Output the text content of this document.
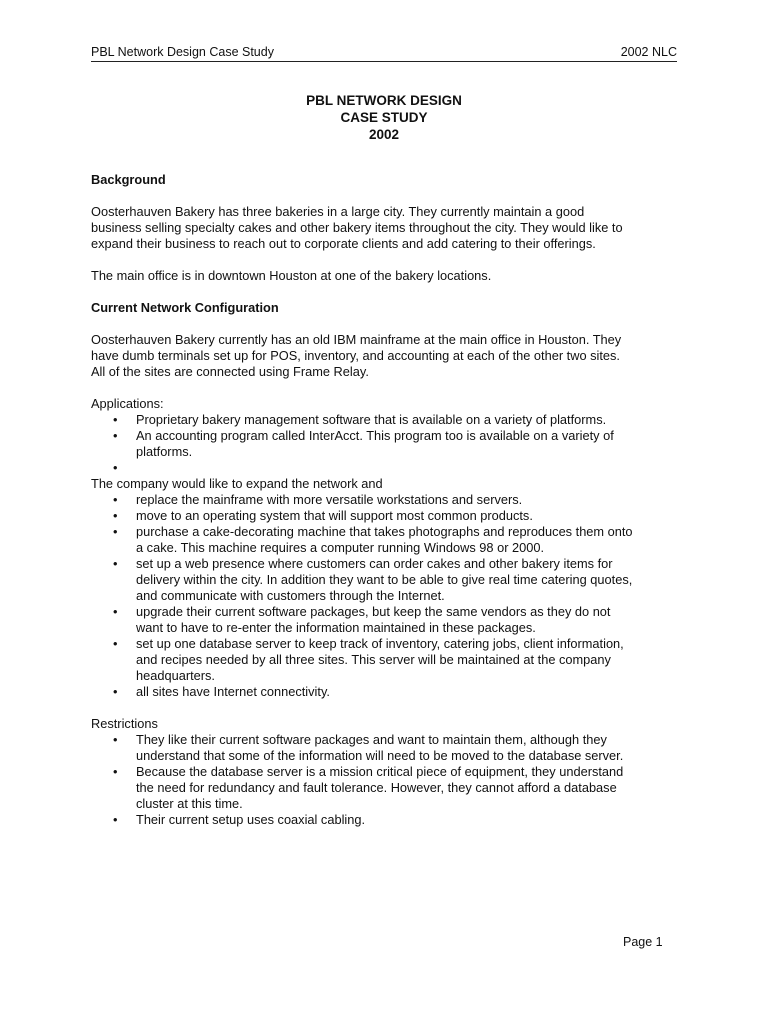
PBL Network Design Case Study	2002 NLC
PBL NETWORK DESIGN
CASE STUDY
2002

Background

Oosterhauven Bakery has three bakeries in a large city. They currently maintain a good
business selling specialty cakes and other bakery items throughout the city. They would like to
expand their business to reach out to corporate clients and add catering to their offerings.

The main office is in downtown Houston at one of the bakery locations.

Current Network Configuration

Oosterhauven Bakery currently has an old IBM mainframe at the main office in Houston. They
have dumb terminals set up for POS, inventory, and accounting at each of the other two sites.
All of the sites are connected using Frame Relay.

Applications:

• Proprietary bakery management software that is available on a variety of platforms.
• An accounting program called InterAcct. This program too is available on a variety of
platforms.
•

The company would like to expand the network and

• replace the mainframe with more versatile workstations and servers.
• move to an operating system that will support most common products.
• purchase a cake-decorating machine that takes photographs and reproduces them onto
a cake. This machine requires a computer running Windows 98 or 2000.
• set up a web presence where customers can order cakes and other bakery items for
delivery within the city. In addition they want to be able to give real time catering quotes,
and communicate with customers through the Internet.
• upgrade their current software packages, but keep the same vendors as they do not
want to have to re-enter the information maintained in these packages.
• set up one database server to keep track of inventory, catering jobs, client information,
and recipes needed by all three sites. This server will be maintained at the company
headquarters.
• all sites have Internet connectivity.

Restrictions

• They like their current software packages and want to maintain them, although they
understand that some of the information will need to be moved to the database server.
• Because the database server is a mission critical piece of equipment, they understand
the need for redundancy and fault tolerance. However, they cannot afford a database
cluster at this time.
• Their current setup uses coaxial cabling.
Page 1
